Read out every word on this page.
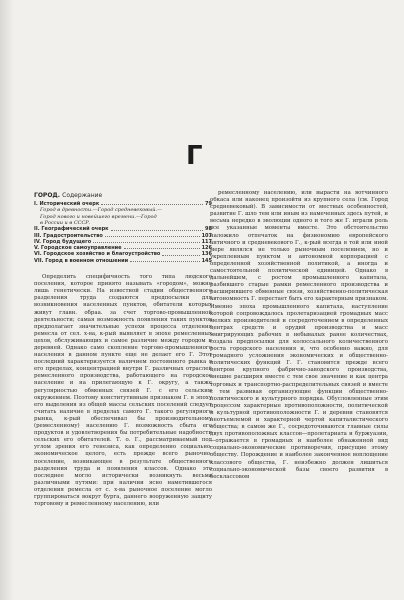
Г
ГОРОД. Содержание
I. Исторический очерк	79
Город в древности.—Город средневековый.—
Город нового и новейшего времени.—Город
в России и в СССР.
II. Географический очерк	98
III. Градостроительство	107
IV. Город будущего	117
V. Городское самоуправление	126
VI. Городское хозяйство и благоустройство	136
VII. Город в военном отношении	145

Определить специфичность того типа людского поселения, которое принято называть «городом», можно лишь генетически. На известной стадии общественного разделения труда создаются предпосылки для возникновения населенных пунктов, обитатели которых живут главн. обраа. за счет торгово-промышленной деятельности; самая возможность появления таких пунктов предполагает значительные успехи процесса отделения ремесла от сел. х-ва, к-рый выявляет в эпохе ремесленных цехов, обслуживающих и самое различие между городом и деревней. Однако само скопление торгово-промышленного населения в данном пункте еще не делает его Г. Этот последний характеризуется наличием постоянного рынка в его пределах, концентрацией внутри Г. различных отраслей ремесленного производства, работающего на городское население и на прилегающую к Г. округу, а также регулярностью обменных связей Г. с его сельским окружением. Поэтому конститутивным признаком Г. в эпоху его выделения из общей массы сельских поселений следует считать наличие в пределах самого Г. такого регулярного рынка, к-рый обеспечивал бы производительному (ремесленному) населению Г. возможность сбыта его продуктов и удовлетворения бы потребительные надобности сельских его обитателей. Т. о. Г., рассматриваемый под углом зрения его генезиса, как определенно социально-экономическое целого, есть прежде всего рыночно-поселение, возникающее в результате общественного разделения труда и появления классов. Однако это последнее могло исторически возникнуть весьма различными путями: при наличии ясно наметившегося отделения ремесла от с. х-ва рыночное поселение могло группироваться вокруг бурга, даннего вооруженную защиту торговому и ремесленному населению, или

ремесленному населению, или вырасти на вотчинного о6каса или наконец произойти из крупного села (см. Город средневековый). В зависимости от местных особенностей, развитие Г. шло тем или иным из намеченных здесь путей, и весьма нередко в эволюции одного и того же Г. играли роль все указанные моменты вместе. Это обстоятельство наложило отпечаток на физиономию европейского античного и средневекового Г., к-рый всегда в той или иной мере являлся не только рыночным поселением, но и укрепленным пунктом и автономной корпорацией с определенной хозяйственной политикой, а иногда и самостоятельной политической единицей. Однако в дальнейшем, с ростом промышленного капитала, разбившего старые рамки ремесленного производства и расширившего обменные связи, хозяйственно-политическая автономность Г. перестает быть его характерным признаком. Именно эпоха промышленного капитала, наступление которой сопровождалось пролетаризацией громадных масс мелких производителей и сосредоточением в определенных центрах средств и орудий производства и масс эмигрирующих рабочих в небывалых ранее количествах, создала предпосылки для колоссального количественного роста городского населения и, что особенно важно, для громадного усложнения экономических и общественно-политических функций Г. Г. становится прежде всего центром крупного фабрично-заводского производства, внешне расширяя вместе с тем свое значение и как центра торговых и транспортно-распределительных связей и вместе с тем развивая организующие функции общественно-политического и культурного порядка. Обусловленные этим процессом характерные противоположности, политической и культурной противоположности Г. и деревни становятся неотъемлемой и характерной чертой капиталистического общества; в самом же Г., сосредоточиваются главные силы двух противоположных классов—пролетариата и буржуазии,—отражается в громадных и наиболее обнаженной вид социально-экономические противоречия, присущие этому обществу. Порождение и наиболее законченное воплощение классового общества, Г. неизбежно должен лишиться социально-экономической базы своего развития в бесклассовом
